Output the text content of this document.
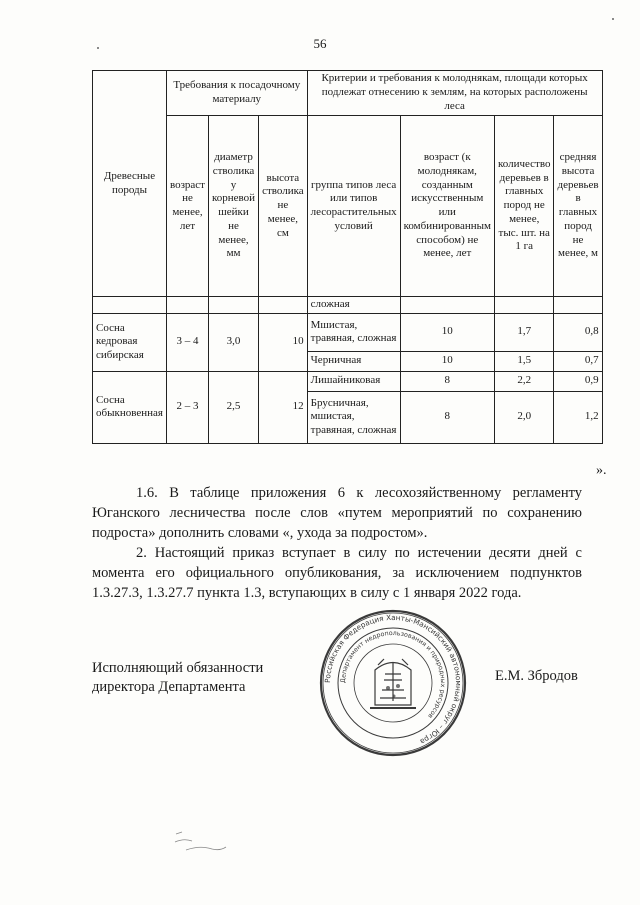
56
Древесные породы	Требования к посадочному материалу			Критерии и требования к молоднякам, площади которых подлежат отнесению к землям, на которых расположены леса			
	возраст не менее, лет	диаметр стволика у корневой шейки не менее, мм	высота стволика не менее, см	группа типов леса или типов лесорастительных условий	возраст (к молоднякам, созданным искусственным или комбинированным способом) не менее, лет	количество деревьев в главных пород не менее, тыс. шт. на 1 га	средняя высота деревьев в главных пород не менее, м
				сложная			
Сосна кедровая сибирская	3 – 4	3,0	10	Мшистая, травяная, сложная	10	1,7	0,8
				Черничная	10	1,5	0,7
Сосна обыкновенная	2 – 3	2,5	12	Лишайниковая	8	2,2	0,9
				Брусничная, мшистая, травяная, сложная	8	2,0	1,2
».
1.6. В таблице приложения 6 к лесохозяйственному регламенту Юганского лесничества после слов «путем мероприятий по сохранению подроста» дополнить словами «, ухода за подростом».
2. Настоящий приказ вступает в силу по истечении десяти дней с момента его официального опубликования, за исключением подпунктов 1.3.27.3, 1.3.27.7 пункта 1.3, вступающих в силу с 1 января 2022 года.
Исполняющий обязанности
директора Департамента
Е.М. Збродов
Российская Федерация Ханты-Мансийский автономный округ – Югра
Департамент недропользования и природных ресурсов
